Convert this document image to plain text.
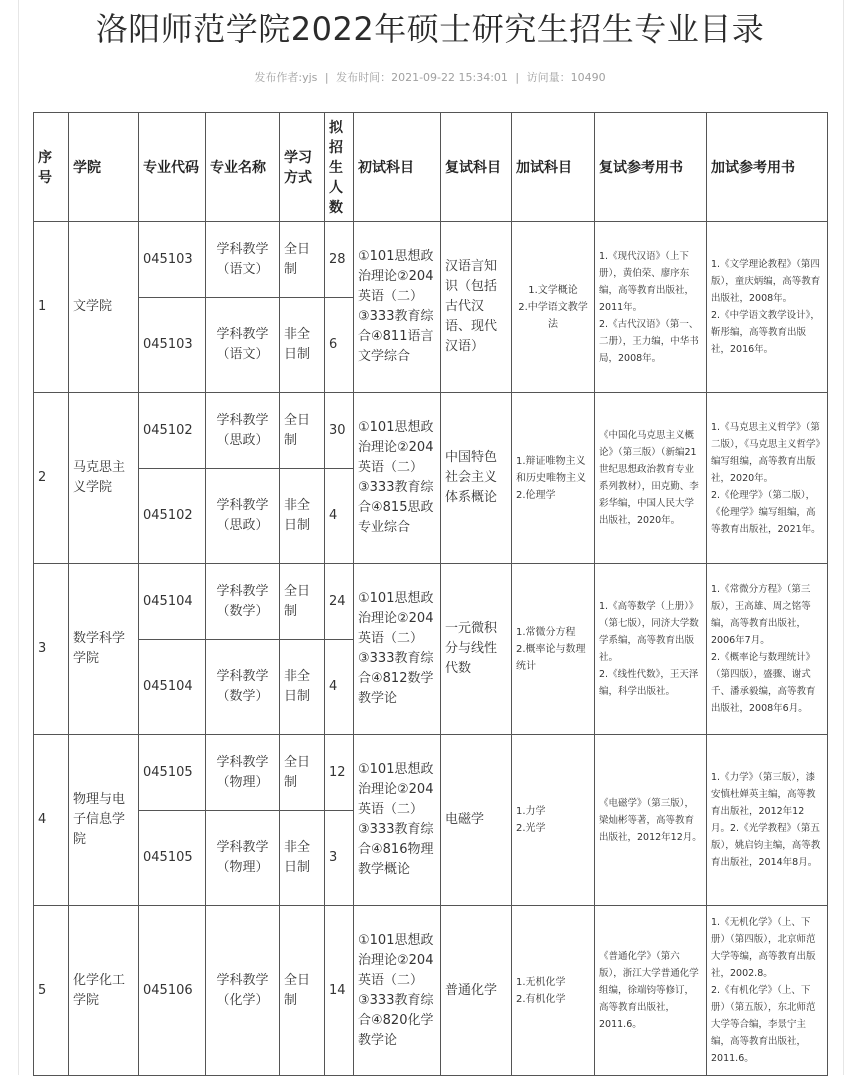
洛阳师范学院2022年硕士研究生招生专业目录
发布作者:yjs | 发布时间：2021-09-22 15:34:01 | 访问量：10490
序号	学院	专业代码	专业名称	学习方式	拟招生人数	初试科目	复试科目	加试科目	复试参考用书	加试参考用书
1	文学院	045103	学科教学（语文）	全日制	28	①101思想政治理论②204英语（二）③333教育综合④811语言文学综合	汉语言知识（包括古代汉语、现代汉语）	1.文学概论
2.中学语文教学法	1.《现代汉语》（上下册），黄伯荣、廖序东编，高等教育出版社，2011年。
2.《古代汉语》（第一、二册），王力编，中华书局，2008年。	1.《文学理论教程》（第四版），童庆炳编，高等教育出版社，2008年。
2.《中学语文教学设计》，靳彤编，高等教育出版社，2016年。
		045103	学科教学（语文）	非全日制	6					
2	马克思主义学院	045102	学科教学（思政）	全日制	30	①101思想政治理论②204英语（二）③333教育综合④815思政专业综合	中国特色社会主义体系概论	1.辩证唯物主义和历史唯物主义
2.伦理学	《中国化马克思主义概论》（第三版）（新编21世纪思想政治教育专业系列教材），田克勤、李彩华编，中国人民大学出版社，2020年。	1.《马克思主义哲学》（第二版），《马克思主义哲学》编写组编，高等教育出版社，2020年。
2.《伦理学》（第二版），《伦理学》编写组编，高等教育出版社，2021年。
		045102	学科教学（思政）	非全日制	4					
3	数学科学学院	045104	学科教学（数学）	全日制	24	①101思想政治理论②204英语（二）③333教育综合④812数学教学论	一元微积分与线性代数	1.常微分方程
2.概率论与数理统计	1.《高等数学（上册）》（第七版），同济大学数学系编，高等教育出版社。
2.《线性代数》，王天泽编，科学出版社。	1.《常微分方程》（第三版），王高雄、周之铭等编，高等教育出版社，2006年7月。
2.《概率论与数理统计》（第四版），盛骤、谢式千、潘承毅编，高等教育出版社，2008年6月。
		045104	学科教学（数学）	非全日制	4					
4	物理与电子信息学院	045105	学科教学（物理）	全日制	12	①101思想政治理论②204英语（二）③333教育综合④816物理教学概论	电磁学	1.力学
2.光学	《电磁学》（第三版），梁灿彬等著，高等教育出版社，2012年12月。	1.《力学》（第三版），漆安慎杜婵英主编，高等教育出版社，2012年12月。2.《光学教程》（第五版），姚启钧主编，高等教育出版社，2014年8月。
		045105	学科教学（物理）	非全日制	3					
5	化学化工学院	045106	学科教学（化学）	全日制	14	①101思想政治理论②204英语（二）③333教育综合④820化学教学论	普通化学	1.无机化学
2.有机化学	《普通化学》（第六版），浙江大学普通化学组编，徐端钧等修订，高等教育出版社，2011.6。	1.《无机化学》（上、下册）（第四版），北京师范大学等编，高等教育出版社，2002.8。
2.《有机化学》（上、下册）（第五版），东北师范大学等合编，李景宁主编，高等教育出版社，2011.6。
